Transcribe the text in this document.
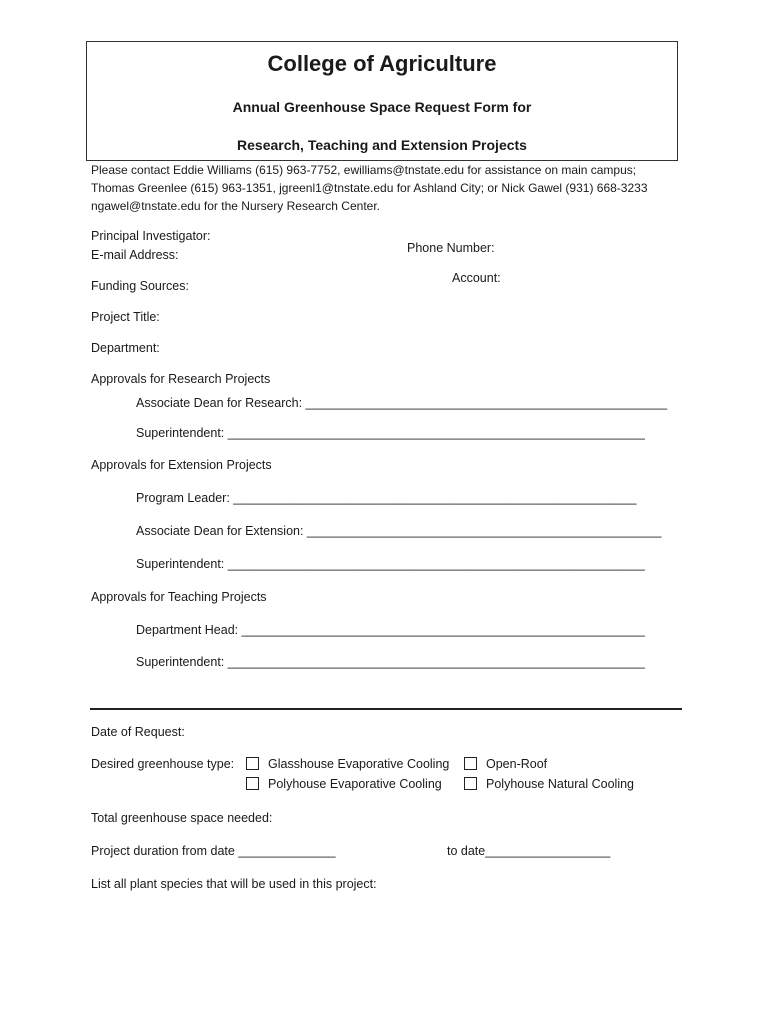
College of Agriculture
Annual Greenhouse Space Request Form for
Research, Teaching and Extension Projects
Please contact Eddie Williams (615) 963-7752, ewilliams@tnstate.edu for assistance on main campus;
Thomas Greenlee (615) 963-1351, jgreenl1@tnstate.edu for Ashland City; or Nick Gawel (931) 668-3233
ngawel@tnstate.edu for the Nursery Research Center.
Principal Investigator:
E-mail Address:	Phone Number:
Account:
Funding Sources:
Project Title:
Department:
Approvals for Research Projects
Associate Dean for Research: ____________________________________________________
Superintendent: ____________________________________________________________
Approvals for Extension Projects
Program Leader: __________________________________________________________
Associate Dean for Extension: ___________________________________________________
Superintendent: ____________________________________________________________
Approvals for Teaching Projects
Department Head: __________________________________________________________
Superintendent: ____________________________________________________________
Date of Request:
Desired greenhouse type:	Glasshouse Evaporative Cooling	Open-Roof
Polyhouse Evaporative Cooling	Polyhouse Natural Cooling
Total greenhouse space needed:
Project duration from date ______________	to date__________________
List all plant species that will be used in this project:
